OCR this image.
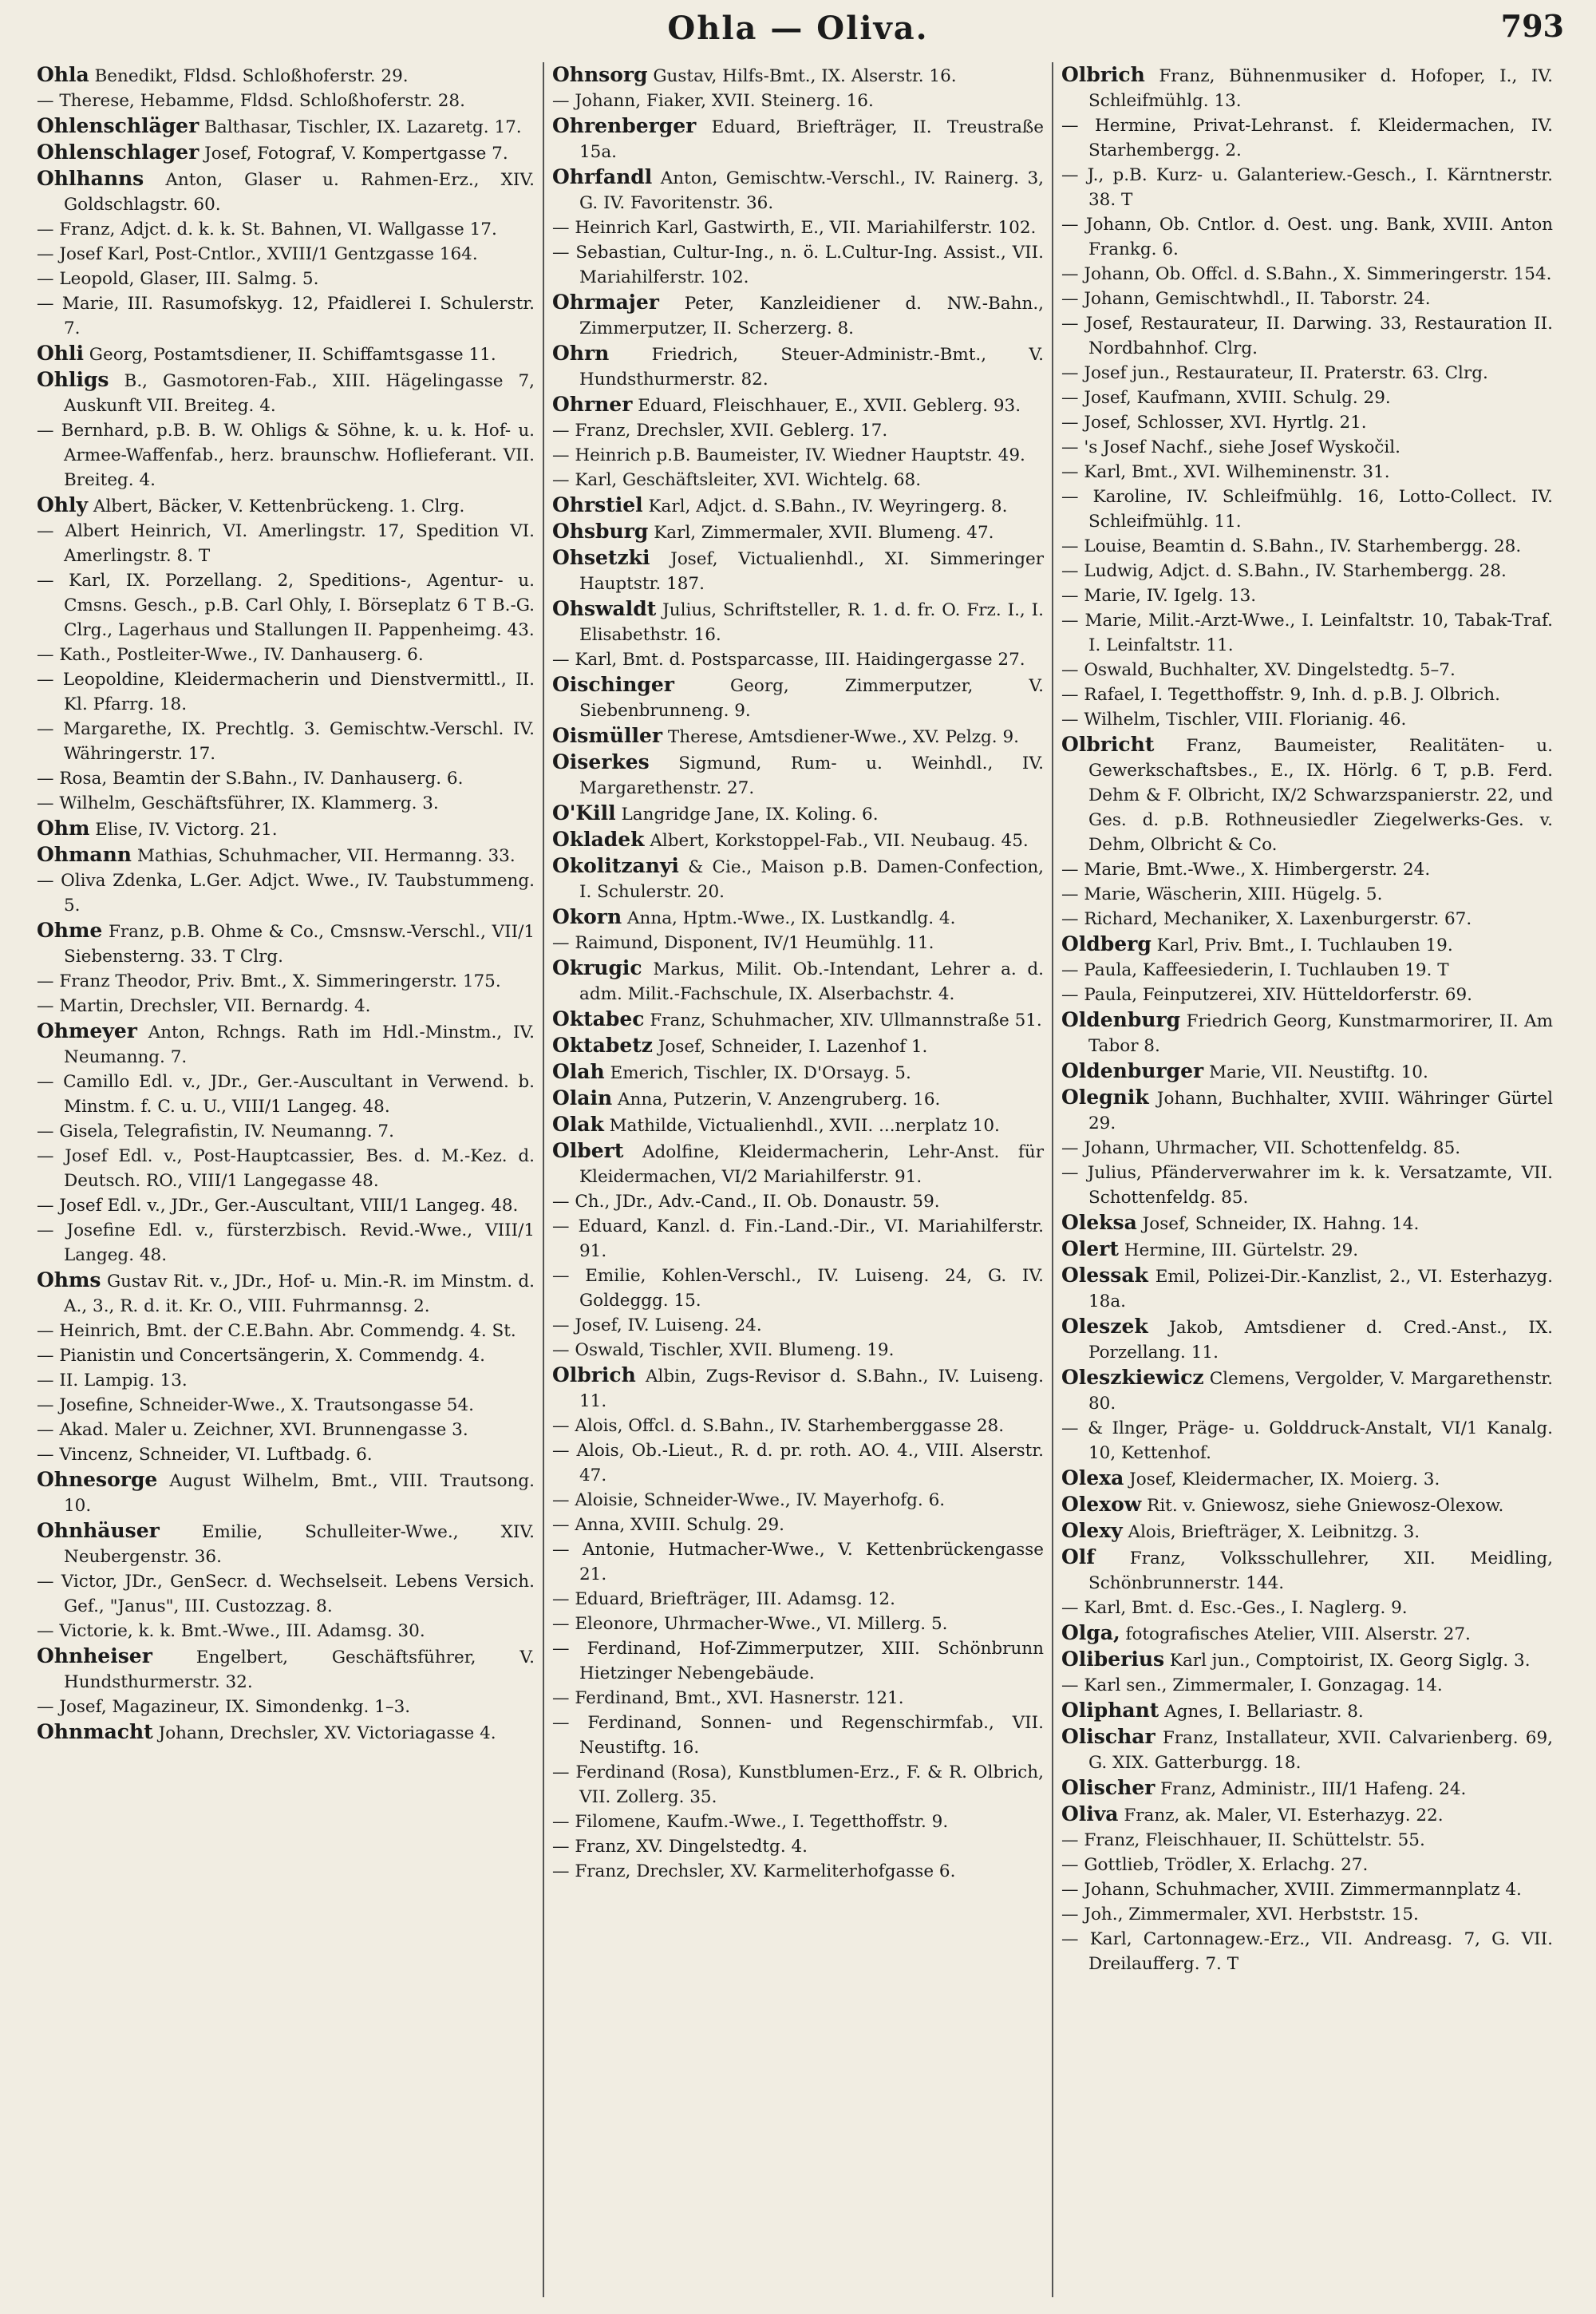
Ohla — Oliva.	793

Ohla Benedikt, Fldsd. Schloßhoferstr. 29.

— Therese, Hebamme, Fldsd. Schloßhoferstr. 28.

Ohlenschläger Balthasar, Tischler, IX. Lazaretg. 17.

Ohlenschlager Josef, Fotograf, V. Kompertgasse 7.

Ohlhanns Anton, Glaser u. Rahmen-Erz., XIV. Goldschlagstr. 60.

— Franz, Adjct. d. k. k. St. Bahnen, VI. Wallgasse 17.

— Josef Karl, Post-Cntlor., XVIII/1 Gentzgasse 164.

— Leopold, Glaser, III. Salmg. 5.

— Marie, III. Rasumofskyg. 12, Pfaidlerei I. Schulerstr. 7.

Ohli Georg, Postamtsdiener, II. Schiffamtsgasse 11.

Ohligs B., Gasmotoren-Fab., XIII. Hägelingasse 7, Auskunft VII. Breiteg. 4.

— Bernhard, p.B. B. W. Ohligs & Söhne, k. u. k. Hof- u. Armee-Waffenfab., herz. braunschw. Hoflieferant. VII. Breiteg. 4.

Ohly Albert, Bäcker, V. Kettenbrückeng. 1. Clrg.

— Albert Heinrich, VI. Amerlingstr. 17, Spedition VI. Amerlingstr. 8. T

— Karl, IX. Porzellang. 2, Speditions-, Agentur- u. Cmsns. Gesch., p.B. Carl Ohly, I. Börseplatz 6 T B.-G. Clrg., Lagerhaus und Stallungen II. Pappenheimg. 43.

— Kath., Postleiter-Wwe., IV. Danhauserg. 6.

— Leopoldine, Kleidermacherin und Dienstvermittl., II. Kl. Pfarrg. 18.

— Margarethe, IX. Prechtlg. 3. Gemischtw.-Verschl. IV. Währingerstr. 17.

— Rosa, Beamtin der S.Bahn., IV. Danhauserg. 6.

— Wilhelm, Geschäftsführer, IX. Klammerg. 3.

Ohm Elise, IV. Victorg. 21.

Ohmann Mathias, Schuhmacher, VII. Hermanng. 33.

— Oliva Zdenka, L.Ger. Adjct. Wwe., IV. Taubstummeng. 5.

Ohme Franz, p.B. Ohme & Co., Cmsnsw.-Verschl., VII/1 Siebensterng. 33. T Clrg.

— Franz Theodor, Priv. Bmt., X. Simmeringerstr. 175.

— Martin, Drechsler, VII. Bernardg. 4.

Ohmeyer Anton, Rchngs. Rath im Hdl.-Minstm., IV. Neumanng. 7.

— Camillo Edl. v., JDr., Ger.-Auscultant in Verwend. b. Minstm. f. C. u. U., VIII/1 Langeg. 48.

— Gisela, Telegrafistin, IV. Neumanng. 7.

— Josef Edl. v., Post-Hauptcassier, Bes. d. M.-Kez. d. Deutsch. RO., VIII/1 Langegasse 48.

— Josef Edl. v., JDr., Ger.-Auscultant, VIII/1 Langeg. 48.

— Josefine Edl. v., fürsterzbisch. Revid.-Wwe., VIII/1 Langeg. 48.

Ohms Gustav Rit. v., JDr., Hof- u. Min.-R. im Minstm. d. A., 3., R. d. it. Kr. O., VIII. Fuhrmannsg. 2.

— Heinrich, Bmt. der C.E.Bahn. Abr. Commendg. 4. St.

— Pianistin und Concertsängerin, X. Commendg. 4.

— II. Lampig. 13.

— Josefine, Schneider-Wwe., X. Trautsongasse 54.

— Akad. Maler u. Zeichner, XVI. Brunnengasse 3.

— Vincenz, Schneider, VI. Luftbadg. 6.

Ohnesorge August Wilhelm, Bmt., VIII. Trautsong. 10.

Ohnhäuser Emilie, Schulleiter-Wwe., XIV. Neubergenstr. 36.

— Victor, JDr., GenSecr. d. Wechselseit. Lebens Versich. Gef., "Janus", III. Custozzag. 8.

— Victorie, k. k. Bmt.-Wwe., III. Adamsg. 30.

Ohnheiser	Engelbert, Geschäftsführer, V. Hundsthurmerstr. 32.

— Josef, Magazineur, IX. Simondenkg. 1–3.

Ohnmacht Johann, Drechsler, XV. Victoriagasse 4.

Ohnsorg Gustav, Hilfs-Bmt., IX. Alserstr. 16.

— Johann, Fiaker, XVII. Steinerg. 16.

Ohrenberger Eduard, Briefträger, II. Treustraße 15a.

Ohrfandl Anton, Gemischtw.-Verschl., IV. Rainerg. 3, G. IV. Favoritenstr. 36.

— Heinrich Karl, Gastwirth, E., VII. Mariahilferstr. 102.

— Sebastian, Cultur-Ing., n. ö. L.Cultur-Ing. Assist., VII. Mariahilferstr. 102.

Ohrmajer Peter, Kanzleidiener d. NW.-Bahn., Zimmerputzer, II. Scherzerg. 8.

Ohrn Friedrich, Steuer-Administr.-Bmt., V. Hundsthurmerstr. 82.

Ohrner Eduard, Fleischhauer, E., XVII. Geblerg. 93.

— Franz, Drechsler, XVII. Geblerg. 17.

— Heinrich p.B. Baumeister, IV. Wiedner Hauptstr. 49.

— Karl, Geschäftsleiter, XVI. Wichtelg. 68.

Ohrstiel Karl, Adjct. d. S.Bahn., IV. Weyringerg. 8.

Ohsburg Karl, Zimmermaler, XVII. Blumeng. 47.

Ohsetzki Josef, Victualienhdl., XI. Simmeringer Hauptstr. 187.

Ohswaldt Julius, Schriftsteller, R. 1. d. fr. O. Frz. I., I. Elisabethstr. 16.

— Karl, Bmt. d. Postsparcasse, III. Haidingergasse 27.

Oischinger	Georg, Zimmerputzer, V. Siebenbrunneng. 9.

Oismüller Therese, Amtsdiener-Wwe., XV. Pelzg. 9.

Oiserkes Sigmund, Rum- u. Weinhdl., IV. Margarethenstr. 27.

O'Kill Langridge Jane, IX. Koling. 6.

Okladek Albert, Korkstoppel-Fab., VII. Neubaug. 45.

Okolitzanyi & Cie., Maison p.B. Damen-Confection, I. Schulerstr. 20.

Okorn Anna, Hptm.-Wwe., IX. Lustkandlg. 4.

— Raimund, Disponent, IV/1 Heumühlg. 11.

Okrugic Markus, Milit. Ob.-Intendant, Lehrer a. d. adm. Milit.-Fachschule, IX. Alserbachstr. 4.

Oktabec Franz, Schuhmacher, XIV. Ullmannstraße 51.

Oktabetz Josef, Schneider, I. Lazenhof 1.

Olah Emerich, Tischler, IX. D'Orsayg. 5.

Olain Anna, Putzerin, V. Anzengruberg. 16.

Olak Mathilde, Victualienhdl., XVII. ...nerplatz 10.

Olbert Adolfine, Kleidermacherin, Lehr-Anst. für Kleidermachen, VI/2 Mariahilferstr. 91.

— Ch., JDr., Adv.-Cand., II. Ob. Donaustr. 59.

— Eduard, Kanzl. d. Fin.-Land.-Dir., VI. Mariahilferstr. 91.

— Emilie, Kohlen-Verschl., IV. Luiseng. 24, G. IV. Goldeggg. 15.

— Josef, IV. Luiseng. 24.

— Oswald, Tischler, XVII. Blumeng. 19.

Olbrich Albin, Zugs-Revisor d. S.Bahn., IV. Luiseng. 11.

— Alois, Offcl. d. S.Bahn., IV. Starhemberggasse 28.

— Alois, Ob.-Lieut., R. d. pr. roth. AO. 4., VIII. Alserstr. 47.

— Aloisie, Schneider-Wwe., IV. Mayerhofg. 6.

— Anna, XVIII. Schulg. 29.

— Antonie, Hutmacher-Wwe., V. Kettenbrückengasse 21.

— Eduard, Briefträger, III. Adamsg. 12.

— Eleonore, Uhrmacher-Wwe., VI. Millerg. 5.

— Ferdinand, Hof-Zimmerputzer, XIII. Schönbrunn Hietzinger Nebengebäude.

— Ferdinand, Bmt., XVI. Hasnerstr. 121.

— Ferdinand, Sonnen- und Regenschirmfab., VII. Neustiftg. 16.

— Ferdinand (Rosa), Kunstblumen-Erz., F. & R. Olbrich, VII. Zollerg. 35.

— Filomene, Kaufm.-Wwe., I. Tegetthoffstr. 9.

— Franz, XV. Dingelstedtg. 4.

— Franz, Drechsler, XV. Karmeliterhofgasse 6.

Olbrich Franz, Bühnenmusiker d. Hofoper, I., IV. Schleifmühlg. 13.

— Hermine, Privat-Lehranst. f. Kleidermachen, IV. Starhembergg. 2.

— J., p.B. Kurz- u. Galanteriew.-Gesch., I. Kärntnerstr. 38. T

— Johann, Ob. Cntlor. d. Oest. ung. Bank, XVIII. Anton Frankg. 6.

— Johann, Ob. Offcl. d. S.Bahn., X. Simmeringerstr. 154.

— Johann, Gemischtwhdl., II. Taborstr. 24.

— Josef, Restaurateur, II. Darwing. 33, Restauration II. Nordbahnhof. Clrg.

— Josef jun., Restaurateur, II. Praterstr. 63. Clrg.

— Josef, Kaufmann, XVIII. Schulg. 29.

— Josef, Schlosser, XVI. Hyrtlg. 21.

— 's Josef Nachf., siehe Josef Wyskočil.

— Karl, Bmt., XVI. Wilheminenstr. 31.

— Karoline, IV. Schleifmühlg. 16, Lotto-Collect. IV. Schleifmühlg. 11.

— Louise, Beamtin d. S.Bahn., IV. Starhembergg. 28.

— Ludwig, Adjct. d. S.Bahn., IV. Starhembergg. 28.

— Marie, IV. Igelg. 13.

— Marie, Milit.-Arzt-Wwe., I. Leinfaltstr. 10, Tabak-Traf. I. Leinfaltstr. 11.

— Oswald, Buchhalter, XV. Dingelstedtg. 5–7.

— Rafael, I. Tegetthoffstr. 9, Inh. d. p.B. J. Olbrich.

— Wilhelm, Tischler, VIII. Florianig. 46.

Olbricht Franz, Baumeister, Realitäten- u. Gewerkschaftsbes., E., IX. Hörlg. 6 T, p.B. Ferd. Dehm & F. Olbricht, IX/2 Schwarzspanierstr. 22, und Ges. d. p.B. Rothneusiedler Ziegelwerks-Ges. v. Dehm, Olbricht & Co.

— Marie, Bmt.-Wwe., X. Himbergerstr. 24.

— Marie, Wäscherin, XIII. Hügelg. 5.

— Richard, Mechaniker, X. Laxenburgerstr. 67.

Oldberg Karl, Priv. Bmt., I. Tuchlauben 19.

— Paula, Kaffeesiederin, I. Tuchlauben 19. T

— Paula, Feinputzerei, XIV. Hütteldorferstr. 69.

Oldenburg Friedrich Georg, Kunstmarmorirer, II. Am Tabor 8.

Oldenburger Marie, VII. Neustiftg. 10.

Olegnik Johann, Buchhalter, XVIII. Währinger Gürtel 29.

— Johann, Uhrmacher, VII. Schottenfeldg. 85.

— Julius, Pfänderverwahrer im k. k. Versatzamte, VII. Schottenfeldg. 85.

Oleksa Josef, Schneider, IX. Hahng. 14.

Olert Hermine, III. Gürtelstr. 29.

Olessak Emil, Polizei-Dir.-Kanzlist, 2., VI. Esterhazyg. 18a.

Oleszek Jakob, Amtsdiener d. Cred.-Anst., IX. Porzellang. 11.

Oleszkiewicz Clemens, Vergolder, V. Margarethenstr. 80.

— & Ilnger, Präge- u. Golddruck-Anstalt, VI/1 Kanalg. 10, Kettenhof.

Olexa Josef, Kleidermacher, IX. Moierg. 3.

Olexow Rit. v. Gniewosz, siehe Gniewosz-Olexow.

Olexy Alois, Briefträger, X. Leibnitzg. 3.

Olf Franz, Volksschullehrer, XII. Meidling, Schönbrunnerstr. 144.

— Karl, Bmt. d. Esc.-Ges., I. Naglerg. 9.

Olga, fotografisches Atelier, VIII. Alserstr. 27.

Oliberius Karl jun., Comptoirist, IX. Georg Siglg. 3.

— Karl sen., Zimmermaler, I. Gonzagag. 14.

Oliphant Agnes, I. Bellariastr. 8.

Olischar Franz, Installateur, XVII. Calvarienberg. 69, G. XIX. Gatterburgg. 18.

Olischer Franz, Administr., III/1 Hafeng. 24.

Oliva Franz, ak. Maler, VI. Esterhazyg. 22.

— Franz, Fleischhauer, II. Schüttelstr. 55.

— Gottlieb, Trödler, X. Erlachg. 27.

— Johann, Schuhmacher, XVIII. Zimmermannplatz 4.

— Joh., Zimmermaler, XVI. Herbststr. 15.

— Karl, Cartonnagew.-Erz., VII. Andreasg. 7, G. VII. Dreilaufferg. 7. T
